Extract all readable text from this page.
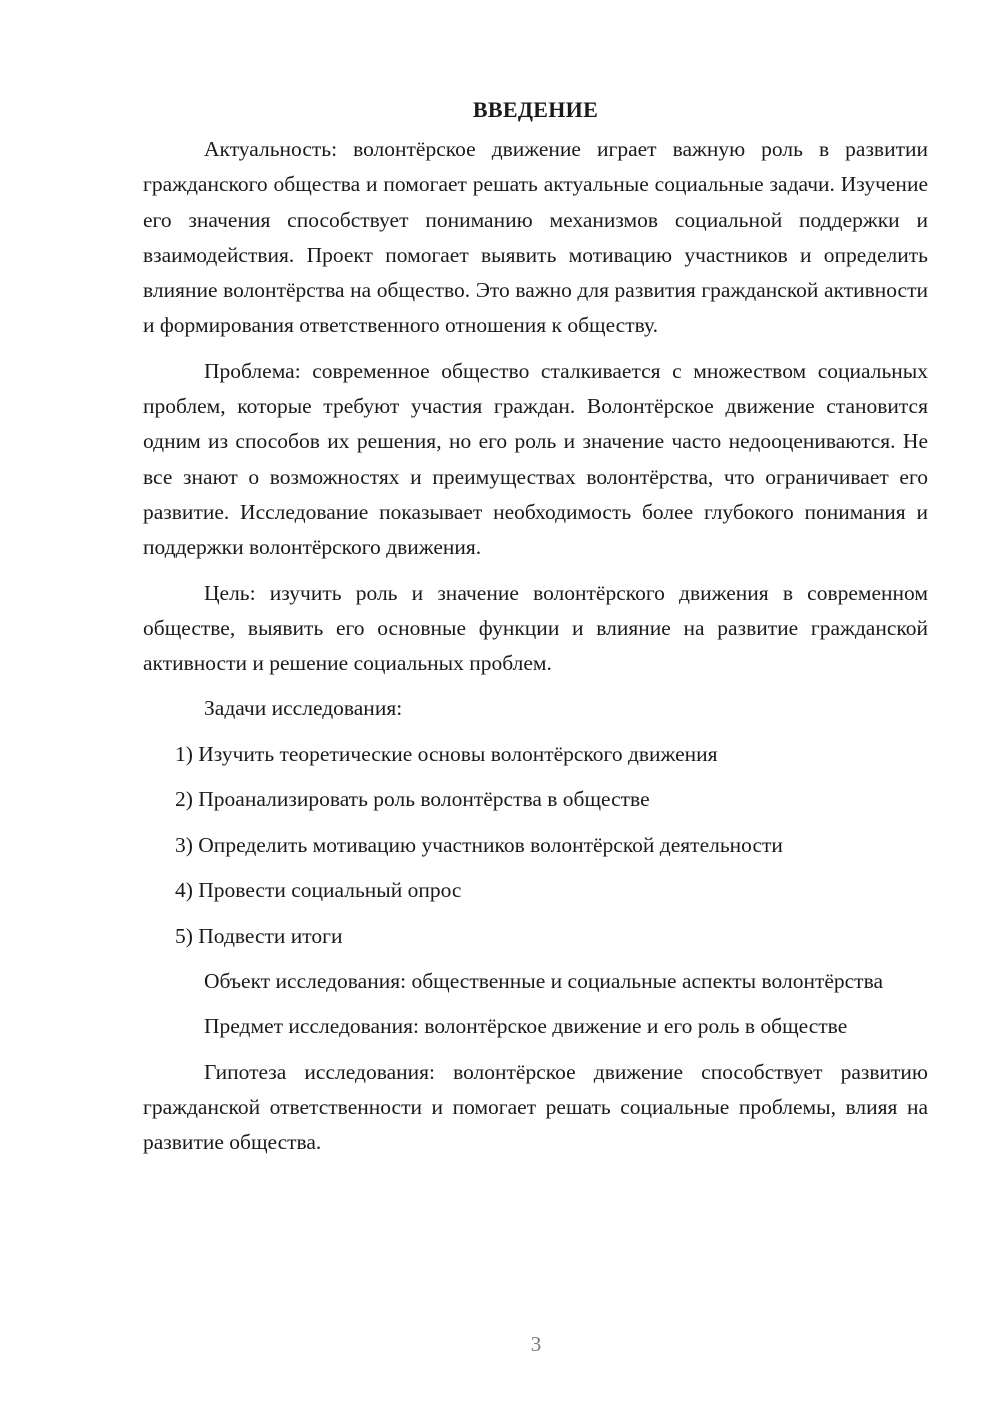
ВВЕДЕНИЕ

Актуальность: волонтёрское движение играет важную роль в развитии гражданского общества и помогает решать актуальные социальные задачи. Изучение его значения способствует пониманию механизмов социальной поддержки и взаимодействия. Проект помогает выявить мотивацию участников и определить влияние волонтёрства на общество. Это важно для развития гражданской активности и формирования ответственного отношения к обществу.

Проблема: современное общество сталкивается с множеством социальных проблем, которые требуют участия граждан. Волонтёрское движение становится одним из способов их решения, но его роль и значение часто недооцениваются. Не все знают о возможностях и преимуществах волонтёрства, что ограничивает его развитие. Исследование показывает необходимость более глубокого понимания и поддержки волонтёрского движения.

Цель: изучить роль и значение волонтёрского движения в современном обществе, выявить его основные функции и влияние на развитие гражданской активности и решение социальных проблем.

Задачи исследования:
1) Изучить теоретические основы волонтёрского движения
2) Проанализировать роль волонтёрства в обществе
3) Определить мотивацию участников волонтёрской деятельности
4) Провести социальный опрос
5) Подвести итоги

Объект исследования: общественные и социальные аспекты волонтёрства

Предмет исследования: волонтёрское движение и его роль в обществе

Гипотеза исследования: волонтёрское движение способствует развитию гражданской ответственности и помогает решать социальные проблемы, влияя на развитие общества.

3
